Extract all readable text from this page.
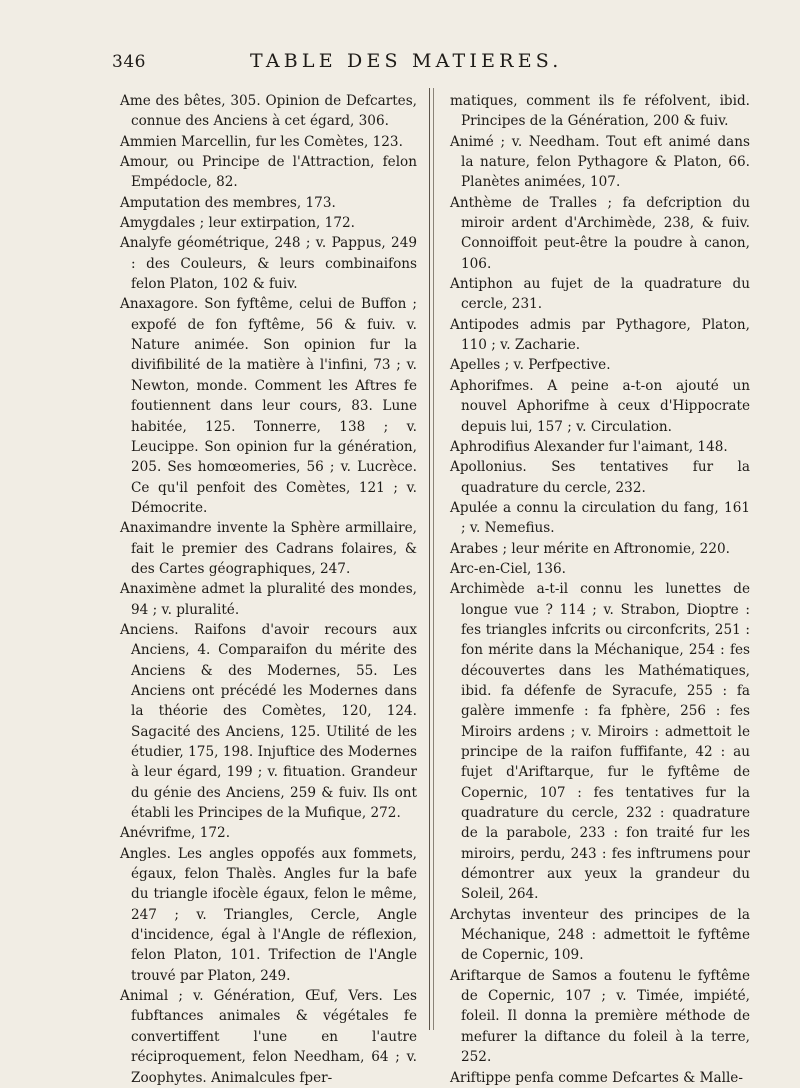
346	TABLE DES MATIERES.

Ame des bêtes, 305. Opinion de Defcartes, connue des Anciens à cet égard, 306.

Ammien Marcellin, fur les Comètes, 123.

Amour, ou Principe de l'Attraction, felon Empédocle, 82.

Amputation des membres, 173.

Amygdales ; leur extirpation, 172.

Analyfe géométrique, 248 ; v. Pappus, 249 : des Couleurs, & leurs combinaifons felon Platon, 102 & fuiv.

Anaxagore. Son fyftême, celui de Buffon ; expofé de fon fyftême, 56 & fuiv. v. Nature animée. Son opinion fur la divifibilité de la matière à l'infini, 73 ; v. Newton, monde. Comment les Aftres fe foutiennent dans leur cours, 83. Lune habitée, 125. Tonnerre, 138 ; v. Leucippe. Son opinion fur la génération, 205. Ses homœomeries, 56 ; v. Lucrèce. Ce qu'il penfoit des Comètes, 121 ; v. Démocrite.

Anaximandre invente la Sphère armillaire, fait le premier des Cadrans folaires, & des Cartes géographiques, 247.

Anaximène admet la pluralité des mondes, 94 ; v. pluralité.

Anciens. Raifons d'avoir recours aux Anciens, 4. Comparaifon du mérite des Anciens & des Modernes, 55. Les Anciens ont précédé les Modernes dans la théorie des Comètes, 120, 124. Sagacité des Anciens, 125. Utilité de les étudier, 175, 198. Injuftice des Modernes à leur égard, 199 ; v. fituation. Grandeur du génie des Anciens, 259 & fuiv. Ils ont établi les Principes de la Mufique, 272.

Anévrifme, 172.

Angles. Les angles oppofés aux fommets, égaux, felon Thalès. Angles fur la bafe du triangle ifocèle égaux, felon le même, 247 ; v. Triangles, Cercle, Angle d'incidence, égal à l'Angle de réflexion, felon Platon, 101. Trifection de l'Angle trouvé par Platon, 249.

Animal ; v. Génération, Œuf, Vers. Les fubftances animales & végétales fe convertiffent l'une en l'autre réciproquement, felon Needham, 64 ; v. Zoophytes. Animalcules fper-

matiques, comment ils fe réfolvent, ibid. Principes de la Génération, 200 & fuiv.

Animé ; v. Needham. Tout eft animé dans la nature, felon Pythagore & Platon, 66. Planètes animées, 107.

Anthème de Tralles ; fa defcription du miroir ardent d'Archimède, 238, & fuiv. Connoiffoit peut-être la poudre à canon, 106.

Antiphon au fujet de la quadrature du cercle, 231.

Antipodes admis par Pythagore, Platon, 110 ; v. Zacharie.

Apelles ; v. Perfpective.

Aphorifmes. A peine a-t-on ajouté un nouvel Aphorifme à ceux d'Hippocrate depuis lui, 157 ; v. Circulation.

Aphrodifius Alexander fur l'aimant, 148.

Apollonius. Ses tentatives fur la quadrature du cercle, 232.

Apulée a connu la circulation du fang, 161 ; v. Nemefius.

Arabes ; leur mérite en Aftronomie, 220.

Arc-en-Ciel, 136.

Archimède a-t-il connu les lunettes de longue vue ? 114 ; v. Strabon, Dioptre : fes triangles infcrits ou circonfcrits, 251 : fon mérite dans la Méchanique, 254 : fes découvertes dans les Mathématiques, ibid. fa défenfe de Syracufe, 255 : fa galère immenfe : fa fphère, 256 : fes Miroirs ardens ; v. Miroirs : admettoit le principe de la raifon fuffifante, 42 : au fujet d'Ariftarque, fur le fyftême de Copernic, 107 : fes tentatives fur la quadrature du cercle, 232 : quadrature de la parabole, 233 : fon traité fur les miroirs, perdu, 243 : fes inftrumens pour démontrer aux yeux la grandeur du Soleil, 264.

Archytas inventeur des principes de la Méchanique, 248 : admettoit le fyftême de Copernic, 109.

Ariftarque de Samos a foutenu le fyftême de Copernic, 107 ; v. Timée, impiété, foleil. Il donna la première méthode de mefurer la diftance du foleil à la terre, 252.

Ariftippe penfa comme Defcartes & Malle-
